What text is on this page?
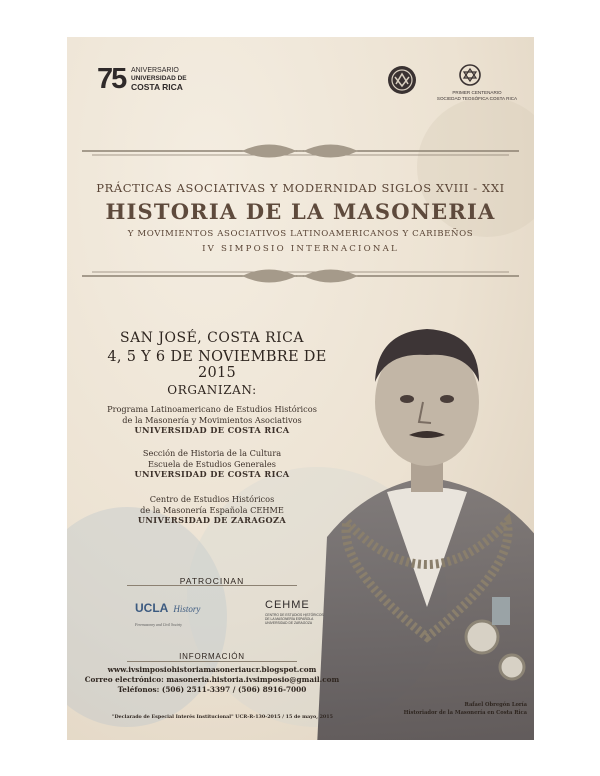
75 ANIVERSARIO
UNIVERSIDAD DE
COSTA RICA
PRIMER CENTENARIO
SOCIEDAD TEOSÓFICA COSTA RICA
PRÁCTICAS ASOCIATIVAS Y MODERNIDAD SIGLOS XVIII - XXI
HISTORIA DE LA MASONERIA
Y MOVIMIENTOS ASOCIATIVOS LATINOAMERICANOS Y CARIBEÑOS
IV SIMPOSIO INTERNACIONAL
SAN JOSÉ, COSTA RICA
4, 5 Y 6 DE NOVIEMBRE DE 2015
ORGANIZAN:
Programa Latinoamericano de Estudios Históricos
de la Masonería y Movimientos Asociativos
UNIVERSIDAD DE COSTA RICA
Sección de Historia de la Cultura
Escuela de Estudios Generales
UNIVERSIDAD DE COSTA RICA
Centro de Estudios Históricos
de la Masonería Española CEHME
UNIVERSIDAD DE ZARAGOZA
PATROCINAN
UCLA History
Freemasonry and Civil Society
CEHME
CENTRO DE ESTUDIOS HISTÓRICOS DE LA MASONERÍA ESPAÑOLA UNIVERSIDAD DE ZARAGOZA
INFORMACIÓN
www.ivsimposiohistoriamasoneriaucr.blogspot.com
Correo electrónico: masoneria.historia.ivsimposio@gmail.com
Teléfonos: (506) 2511-3397 / (506) 8916-7000
"Declarado de Especial Interés Institucional" UCR-R-130-2015 / 15 de mayo, 2015
Rafael Obregón Loría
Historiador de la Masonería en Costa Rica
